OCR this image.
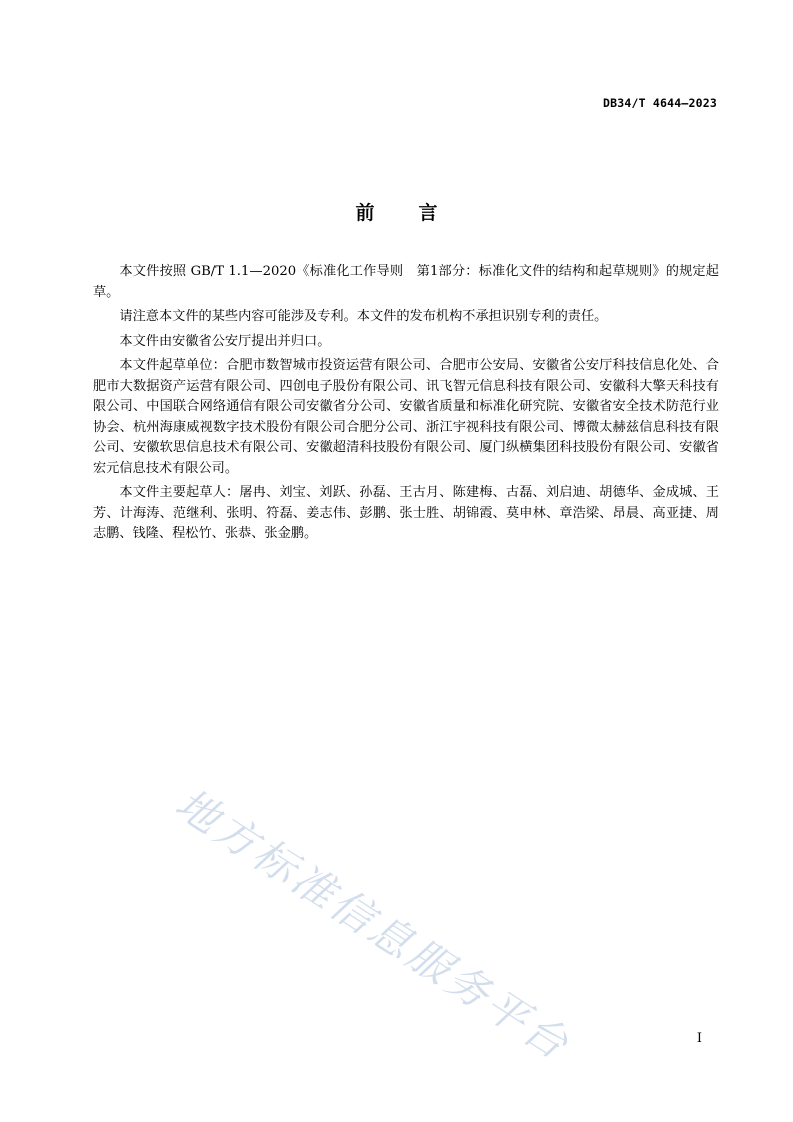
DB34/T 4644—2023
前言

本文件按照 GB/T 1.1—2020《标准化工作导则　第1部分：标准化文件的结构和起草规则》的规定起草。

请注意本文件的某些内容可能涉及专利。本文件的发布机构不承担识别专利的责任。

本文件由安徽省公安厅提出并归口。

本文件起草单位：合肥市数智城市投资运营有限公司、合肥市公安局、安徽省公安厅科技信息化处、合肥市大数据资产运营有限公司、四创电子股份有限公司、讯飞智元信息科技有限公司、安徽科大擎天科技有限公司、中国联合网络通信有限公司安徽省分公司、安徽省质量和标准化研究院、安徽省安全技术防范行业协会、杭州海康威视数字技术股份有限公司合肥分公司、浙江宇视科技有限公司、博微太赫兹信息科技有限公司、安徽软思信息技术有限公司、安徽超清科技股份有限公司、厦门纵横集团科技股份有限公司、安徽省宏元信息技术有限公司。

本文件主要起草人：屠冉、刘宝、刘跃、孙磊、王古月、陈建梅、古磊、刘启迪、胡德华、金成城、王芳、计海涛、范继利、张明、符磊、姜志伟、彭鹏、张士胜、胡锦霞、莫申林、章浩梁、昂晨、高亚捷、周志鹏、钱隆、程松竹、张恭、张金鹏。

地方标准信息服务平台	I
